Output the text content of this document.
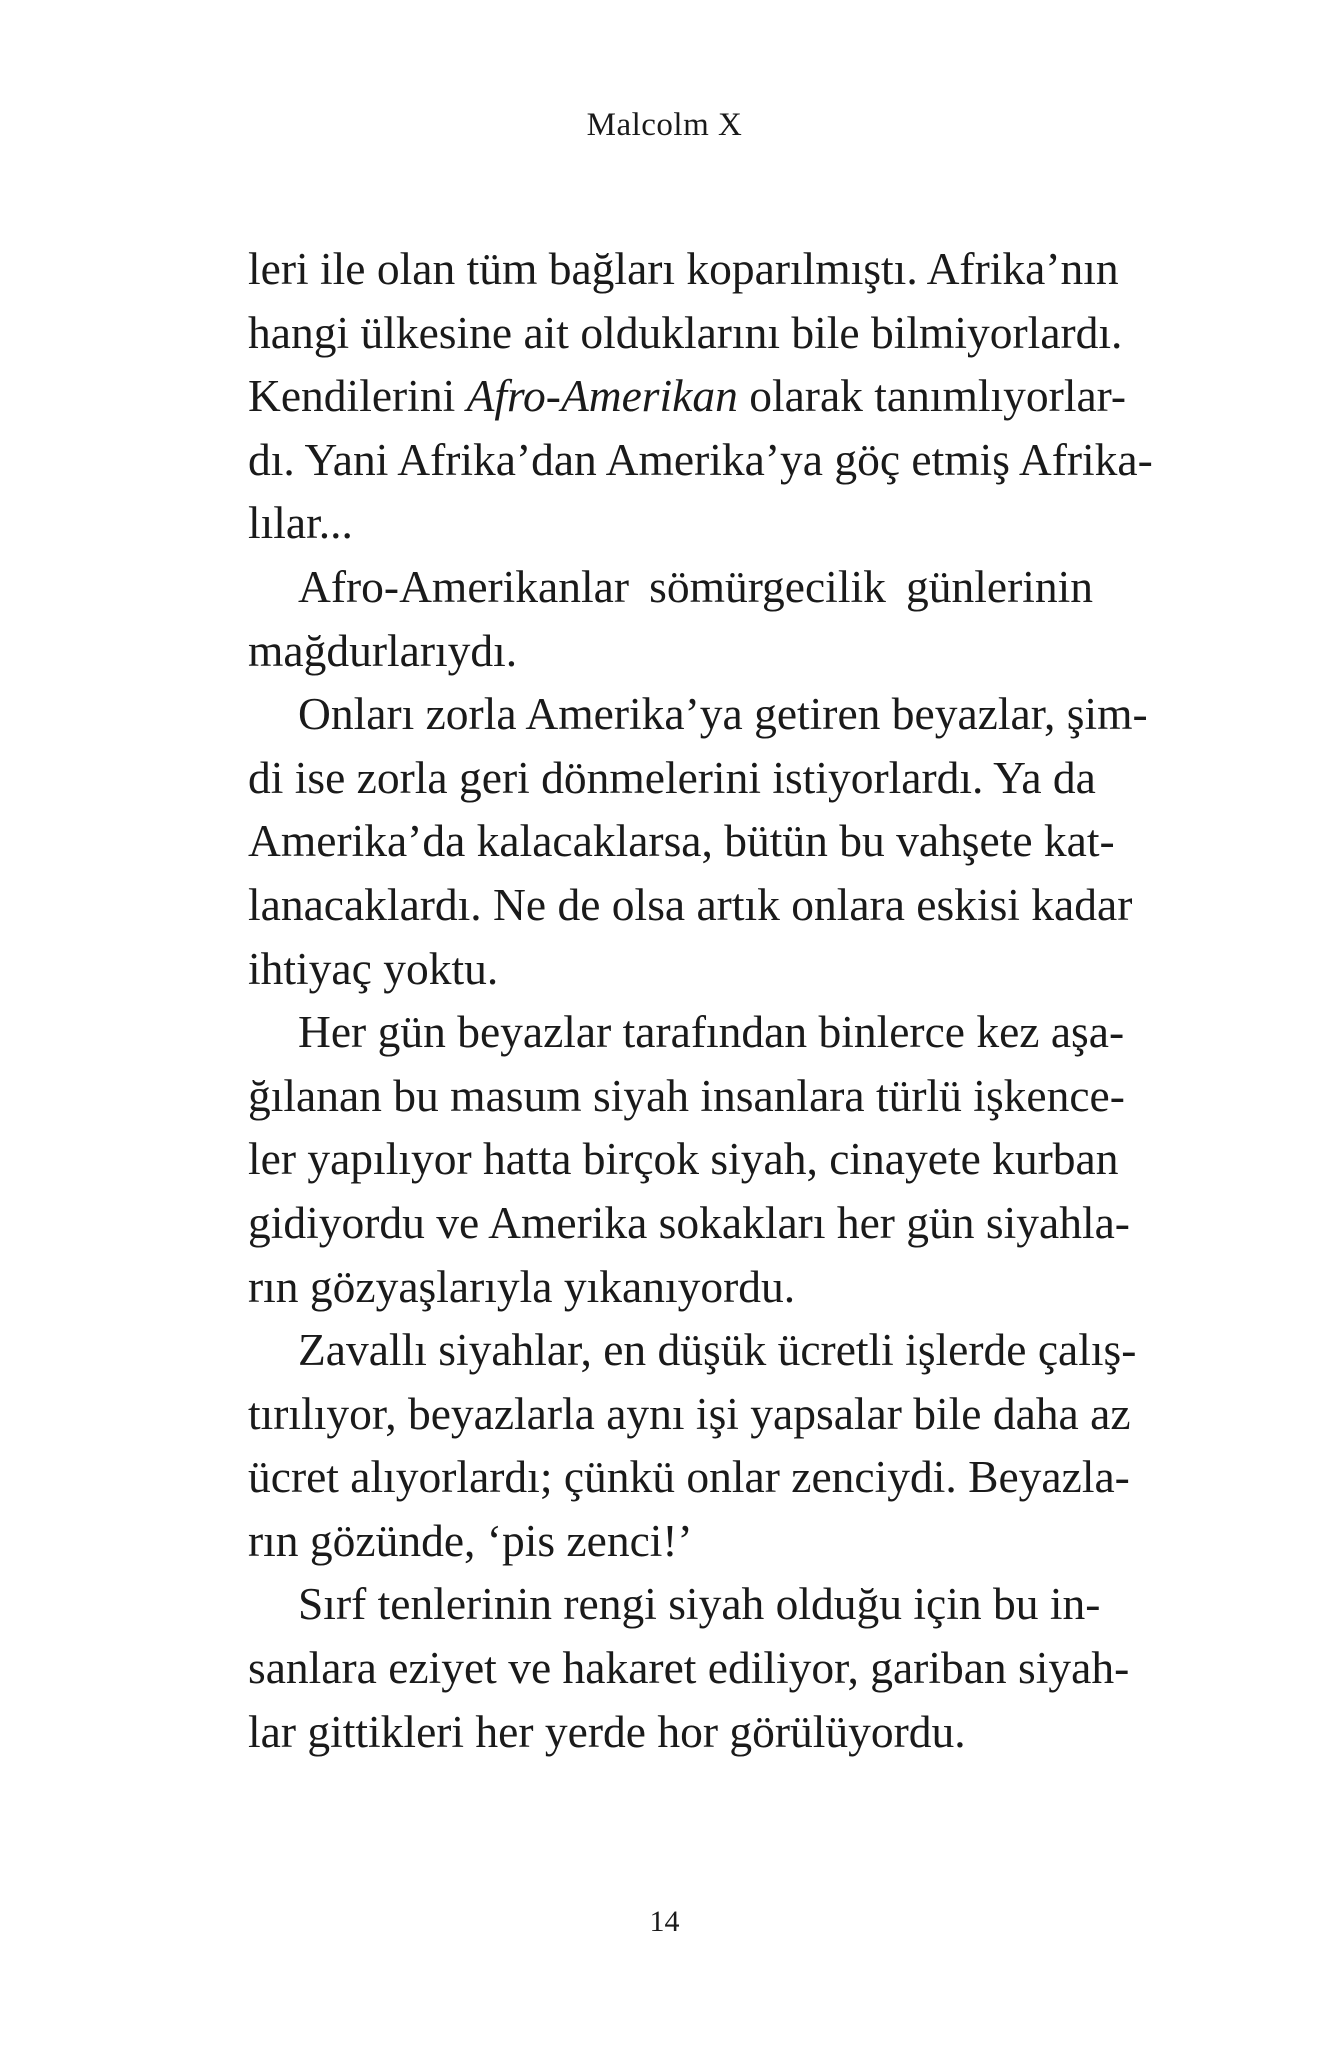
Malcolm X
leri ile olan tüm bağları koparılmıştı. Afrika’nın
hangi ülkesine ait olduklarını bile bilmiyorlardı.
Kendilerini Afro-Amerikan olarak tanımlıyorlar-
dı. Yani Afrika’dan Amerika’ya göç etmiş Afrika-
lılar...
Afro-Amerikanlar sömürgecilik günlerinin
mağdurlarıydı.
Onları zorla Amerika’ya getiren beyazlar, şim-
di ise zorla geri dönmelerini istiyorlardı. Ya da
Amerika’da kalacaklarsa, bütün bu vahşete kat-
lanacaklardı. Ne de olsa artık onlara eskisi kadar
ihtiyaç yoktu.
Her gün beyazlar tarafından binlerce kez aşa-
ğılanan bu masum siyah insanlara türlü işkence-
ler yapılıyor hatta birçok siyah, cinayete kurban
gidiyordu ve Amerika sokakları her gün siyahla-
rın gözyaşlarıyla yıkanıyordu.
Zavallı siyahlar, en düşük ücretli işlerde çalış-
tırılıyor, beyazlarla aynı işi yapsalar bile daha az
ücret alıyorlardı; çünkü onlar zenciydi. Beyazla-
rın gözünde, ‘pis zenci!’
Sırf tenlerinin rengi siyah olduğu için bu in-
sanlara eziyet ve hakaret ediliyor, gariban siyah-
lar gittikleri her yerde hor görülüyordu.
14
